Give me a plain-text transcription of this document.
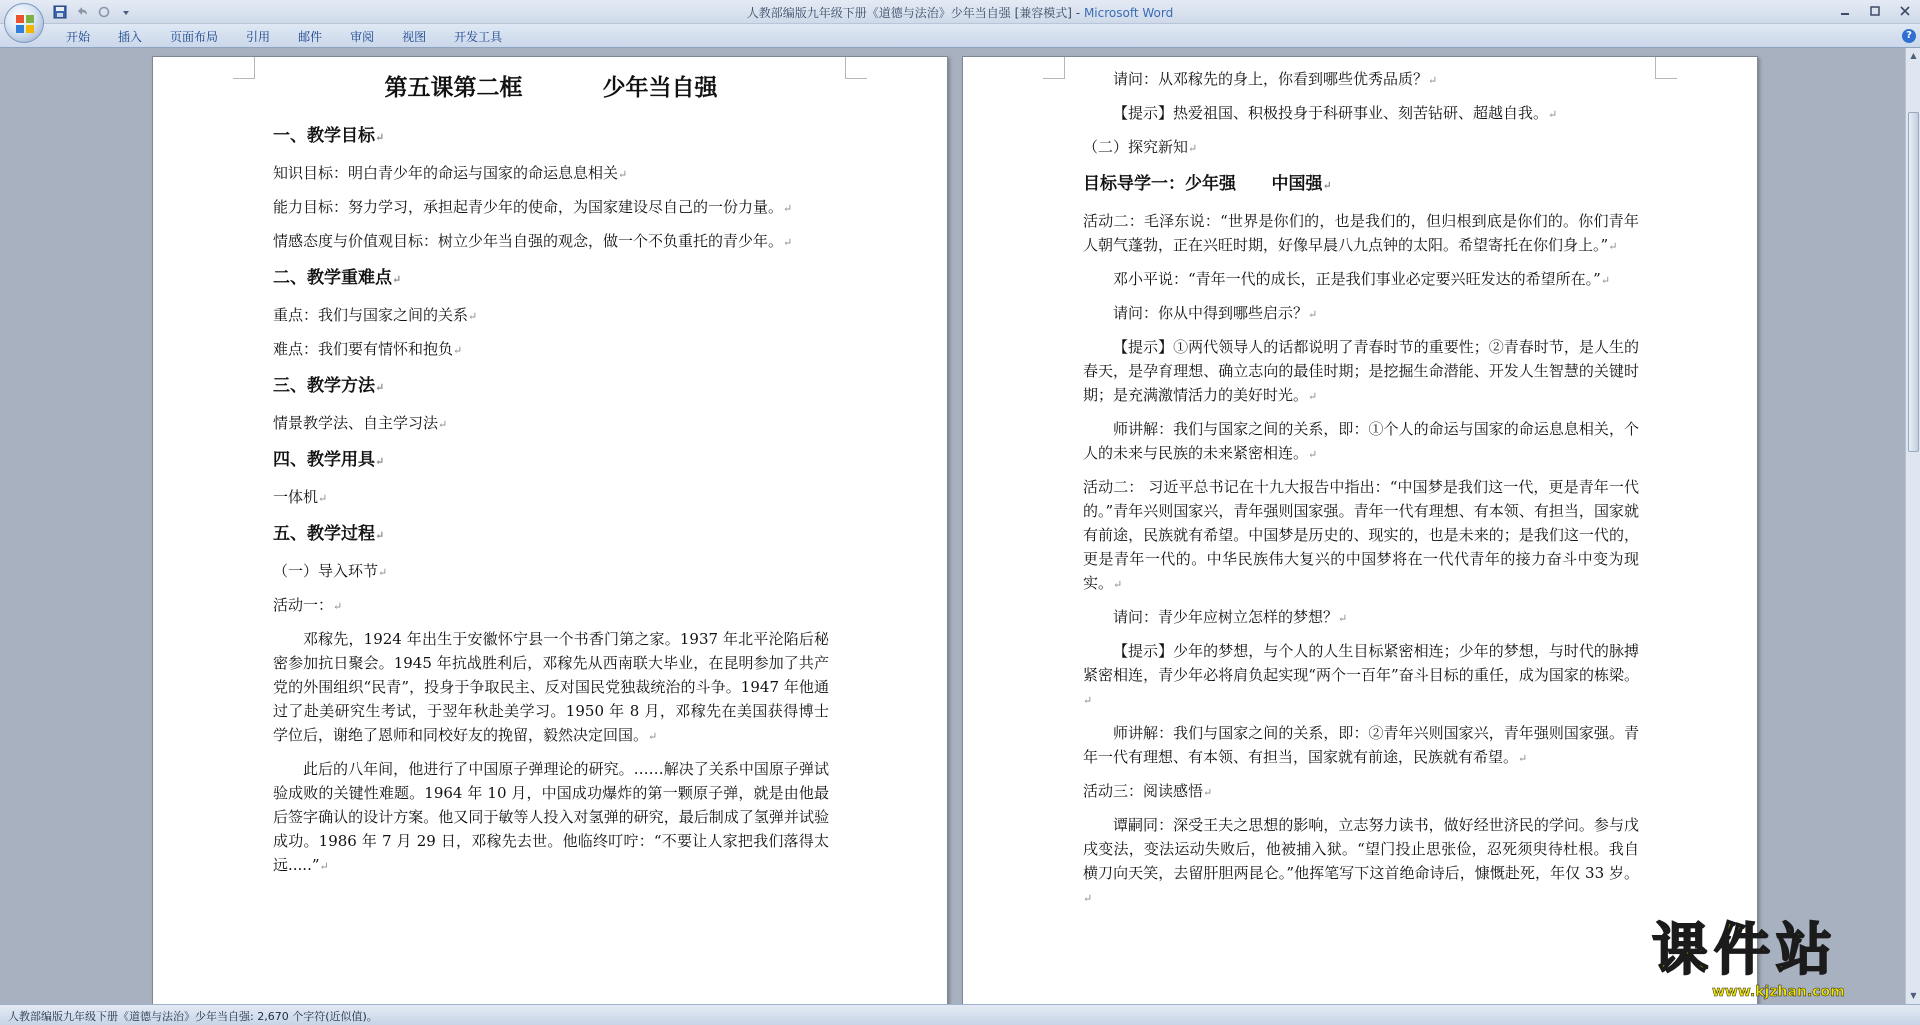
人教部编版九年级下册《道德与法治》少年当自强 [兼容模式] - Microsoft Word
开始	插入	页面布局	引用	邮件	审阅	视图	开发工具	?
第五课第二框          少年当自强
一、教学目标↵
知识目标：明白青少年的命运与国家的命运息息相关↵
能力目标：努力学习，承担起青少年的使命，为国家建设尽自己的一份力量。↵
情感态度与价值观目标：树立少年当自强的观念，做一个不负重托的青少年。↵
二、教学重难点↵
重点：我们与国家之间的关系↵
难点：我们要有情怀和抱负↵
三、教学方法↵
情景教学法、自主学习法↵
四、教学用具↵
一体机↵
五、教学过程↵
（一）导入环节↵
活动一：↵
邓稼先，1924 年出生于安徽怀宁县一个书香门第之家。1937 年北平沦陷后秘密参加抗日聚会。1945 年抗战胜利后，邓稼先从西南联大毕业，在昆明参加了共产党的外围组织“民青”，投身于争取民主、反对国民党独裁统治的斗争。1947 年他通过了赴美研究生考试，于翌年秋赴美学习。1950 年 8 月，邓稼先在美国获得博士学位后，谢绝了恩师和同校好友的挽留，毅然决定回国。↵
此后的八年间，他进行了中国原子弹理论的研究。……解决了关系中国原子弹试验成败的关键性难题。1964 年 10 月，中国成功爆炸的第一颗原子弹，就是由他最后签字确认的设计方案。他又同于敏等人投入对氢弹的研究，最后制成了氢弹并试验成功。1986 年 7 月 29 日，邓稼先去世。他临终叮咛：“不要让人家把我们落得太远.....”↵
请问：从邓稼先的身上，你看到哪些优秀品质？↵
【提示】热爱祖国、积极投身于科研事业、刻苦钻研、超越自我。↵
（二）探究新知↵
目标导学一：少年强      中国强↵
活动二：毛泽东说：“世界是你们的，也是我们的，但归根到底是你们的。你们青年人朝气蓬勃，正在兴旺时期，好像早晨八九点钟的太阳。希望寄托在你们身上。”↵
邓小平说：“青年一代的成长，正是我们事业必定要兴旺发达的希望所在。”↵
请问：你从中得到哪些启示？↵
【提示】①两代领导人的话都说明了青春时节的重要性；②青春时节，是人生的春天，是孕育理想、确立志向的最佳时期；是挖掘生命潜能、开发人生智慧的关键时期；是充满激情活力的美好时光。↵
师讲解：我们与国家之间的关系，即：①个人的命运与国家的命运息息相关，个人的未来与民族的未来紧密相连。↵
活动二： 习近平总书记在十九大报告中指出：“中国梦是我们这一代，更是青年一代的。”青年兴则国家兴，青年强则国家强。青年一代有理想、有本领、有担当，国家就有前途，民族就有希望。中国梦是历史的、现实的，也是未来的；是我们这一代的，更是青年一代的。中华民族伟大复兴的中国梦将在一代代青年的接力奋斗中变为现实。↵
请问：青少年应树立怎样的梦想？↵
【提示】少年的梦想，与个人的人生目标紧密相连；少年的梦想，与时代的脉搏紧密相连，青少年必将肩负起实现“两个一百年”奋斗目标的重任，成为国家的栋梁。↵
师讲解：我们与国家之间的关系，即：②青年兴则国家兴，青年强则国家强。青年一代有理想、有本领、有担当，国家就有前途，民族就有希望。↵
活动三：阅读感悟↵
谭嗣同：深受王夫之思想的影响，立志努力读书，做好经世济民的学问。参与戊戌变法，变法运动失败后，他被捕入狱。“望门投止思张俭，忍死须臾待杜根。我自横刀向天笑，去留肝胆两昆仑。”他挥笔写下这首绝命诗后，慷慨赴死，年仅 33 岁。↵
▲
▼
人教部编版九年级下册《道德与法治》少年当自强: 2,670 个字符(近似值)。
课件站
www.kjzhan.com
